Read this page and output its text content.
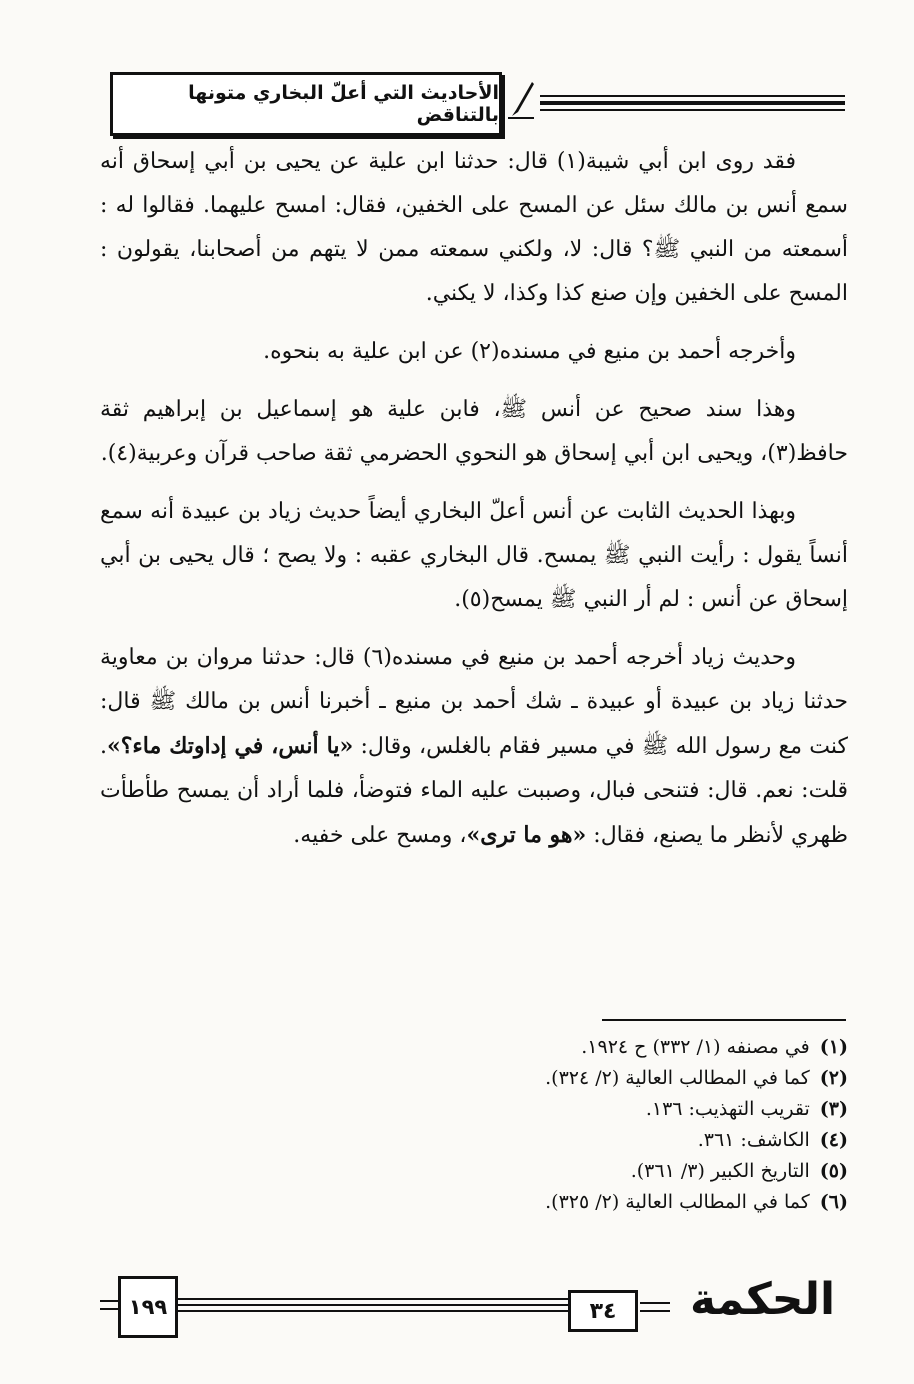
الأحاديث التي أعلّ البخاري متونها بالتناقض

فقد روى ابن أبي شيبة(١) قال: حدثنا ابن علية عن يحيى بن أبي إسحاق أنه سمع أنس بن مالك سئل عن المسح على الخفين، فقال: امسح عليهما. فقالوا له : أسمعته من النبي ﷺ؟ قال: لا، ولكني سمعته ممن لا يتهم من أصحابنا، يقولون : المسح على الخفين وإن صنع كذا وكذا، لا يكني.

وأخرجه أحمد بن منيع في مسنده(٢) عن ابن علية به بنحوه.

وهذا سند صحيح عن أنس ﷺ، فابن علية هو إسماعيل بن إبراهيم ثقة حافظ(٣)، ويحيى ابن أبي إسحاق هو النحوي الحضرمي ثقة صاحب قرآن وعربية(٤).

وبهذا الحديث الثابت عن أنس أعلّ البخاري أيضاً حديث زياد بن عبيدة أنه سمع أنساً يقول : رأيت النبي ﷺ يمسح. قال البخاري عقبه : ولا يصح ؛ قال يحيى بن أبي إسحاق عن أنس : لم أر النبي ﷺ يمسح(٥).

وحديث زياد أخرجه أحمد بن منيع في مسنده(٦) قال: حدثنا مروان بن معاوية حدثنا زياد بن عبيدة أو عبيدة ـ شك أحمد بن منيع ـ أخبرنا أنس بن مالك ﷺ قال: كنت مع رسول الله ﷺ في مسير فقام بالغلس، وقال: «يا أنس، في إداوتك ماء؟». قلت: نعم. قال: فتنحى فبال، وصببت عليه الماء فتوضأ، فلما أراد أن يمسح طأطأت ظهري لأنظر ما يصنع، فقال: «هو ما ترى»، ومسح على خفيه.

(١)
في مصنفه (١/ ٣٣٢) ح ١٩٢٤.
(٢)
كما في المطالب العالية (٢/ ٣٢٤).
(٣)
تقريب التهذيب: ١٣٦.
(٤)
الكاشف: ٣٦١.
(٥)
التاريخ الكبير (٣/ ٣٦١).
(٦)
كما في المطالب العالية (٢/ ٣٢٥).
١٩٩	٣٤	الحكمة
